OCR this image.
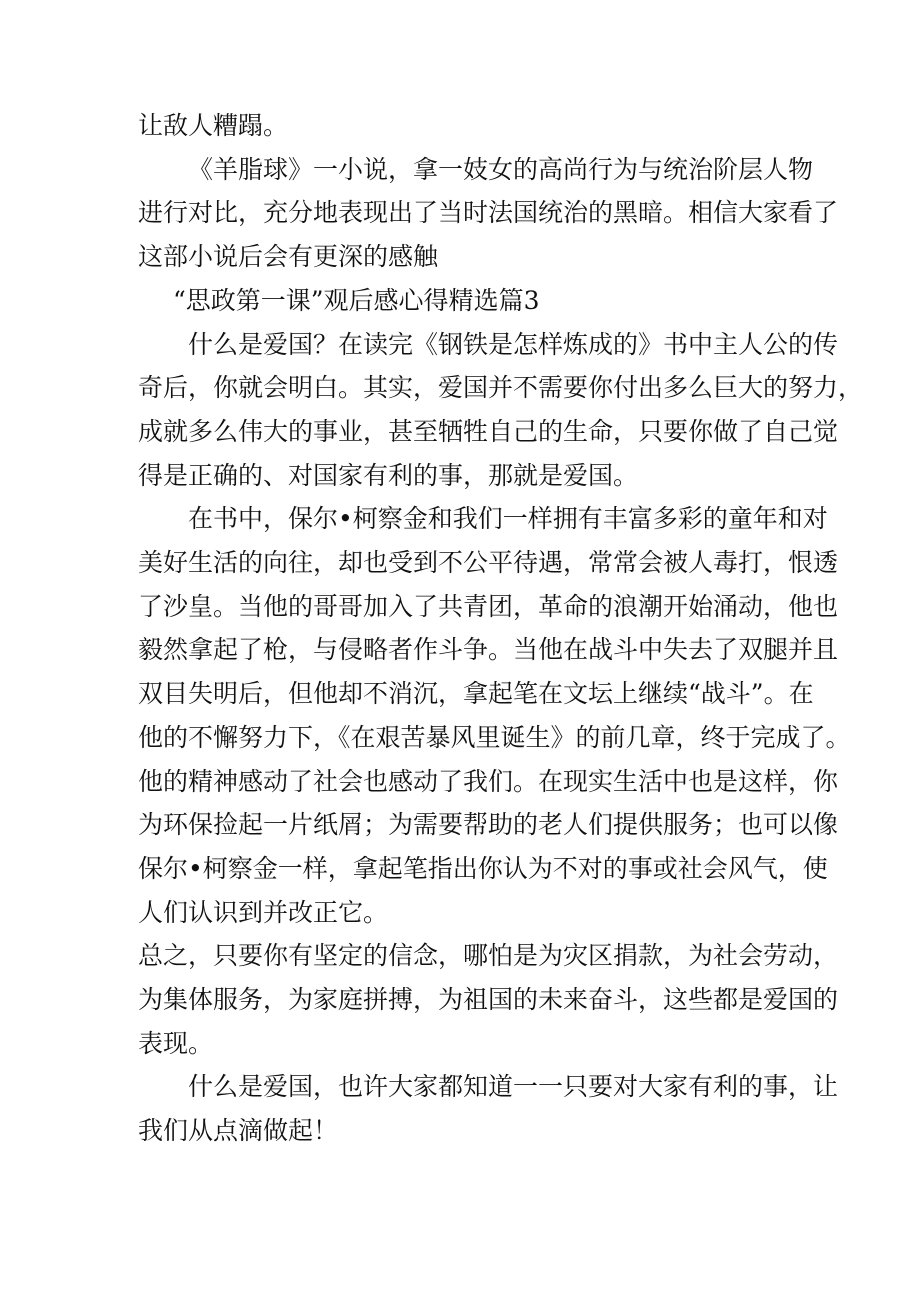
让敌人糟蹋。
《羊脂球》一小说，拿一妓女的高尚行为与统治阶层人物
进行对比，充分地表现出了当时法国统治的黑暗。相信大家看了
这部小说后会有更深的感触
“思政第一课”观后感心得精选篇3
什么是爱国？在读完《钢铁是怎样炼成的》书中主人公的传
奇后，你就会明白。其实，爱国并不需要你付出多么巨大的努力，
成就多么伟大的事业，甚至牺牲自己的生命，只要你做了自己觉
得是正确的、对国家有利的事，那就是爱国。
在书中，保尔•柯察金和我们一样拥有丰富多彩的童年和对
美好生活的向往，却也受到不公平待遇，常常会被人毒打，恨透
了沙皇。当他的哥哥加入了共青团，革命的浪潮开始涌动，他也
毅然拿起了枪，与侵略者作斗争。当他在战斗中失去了双腿并且
双目失明后，但他却不消沉，拿起笔在文坛上继续“战斗”。在
他的不懈努力下，《在艰苦暴风里诞生》的前几章，终于完成了。
他的精神感动了社会也感动了我们。在现实生活中也是这样，你
为环保捡起一片纸屑；为需要帮助的老人们提供服务；也可以像
保尔•柯察金一样，拿起笔指出你认为不对的事或社会风气，使
人们认识到并改正它。
总之，只要你有坚定的信念，哪怕是为灾区捐款，为社会劳动，
为集体服务，为家庭拼搏，为祖国的未来奋斗，这些都是爱国的
表现。
什么是爱国，也许大家都知道一一只要对大家有利的事，让
我们从点滴做起！
